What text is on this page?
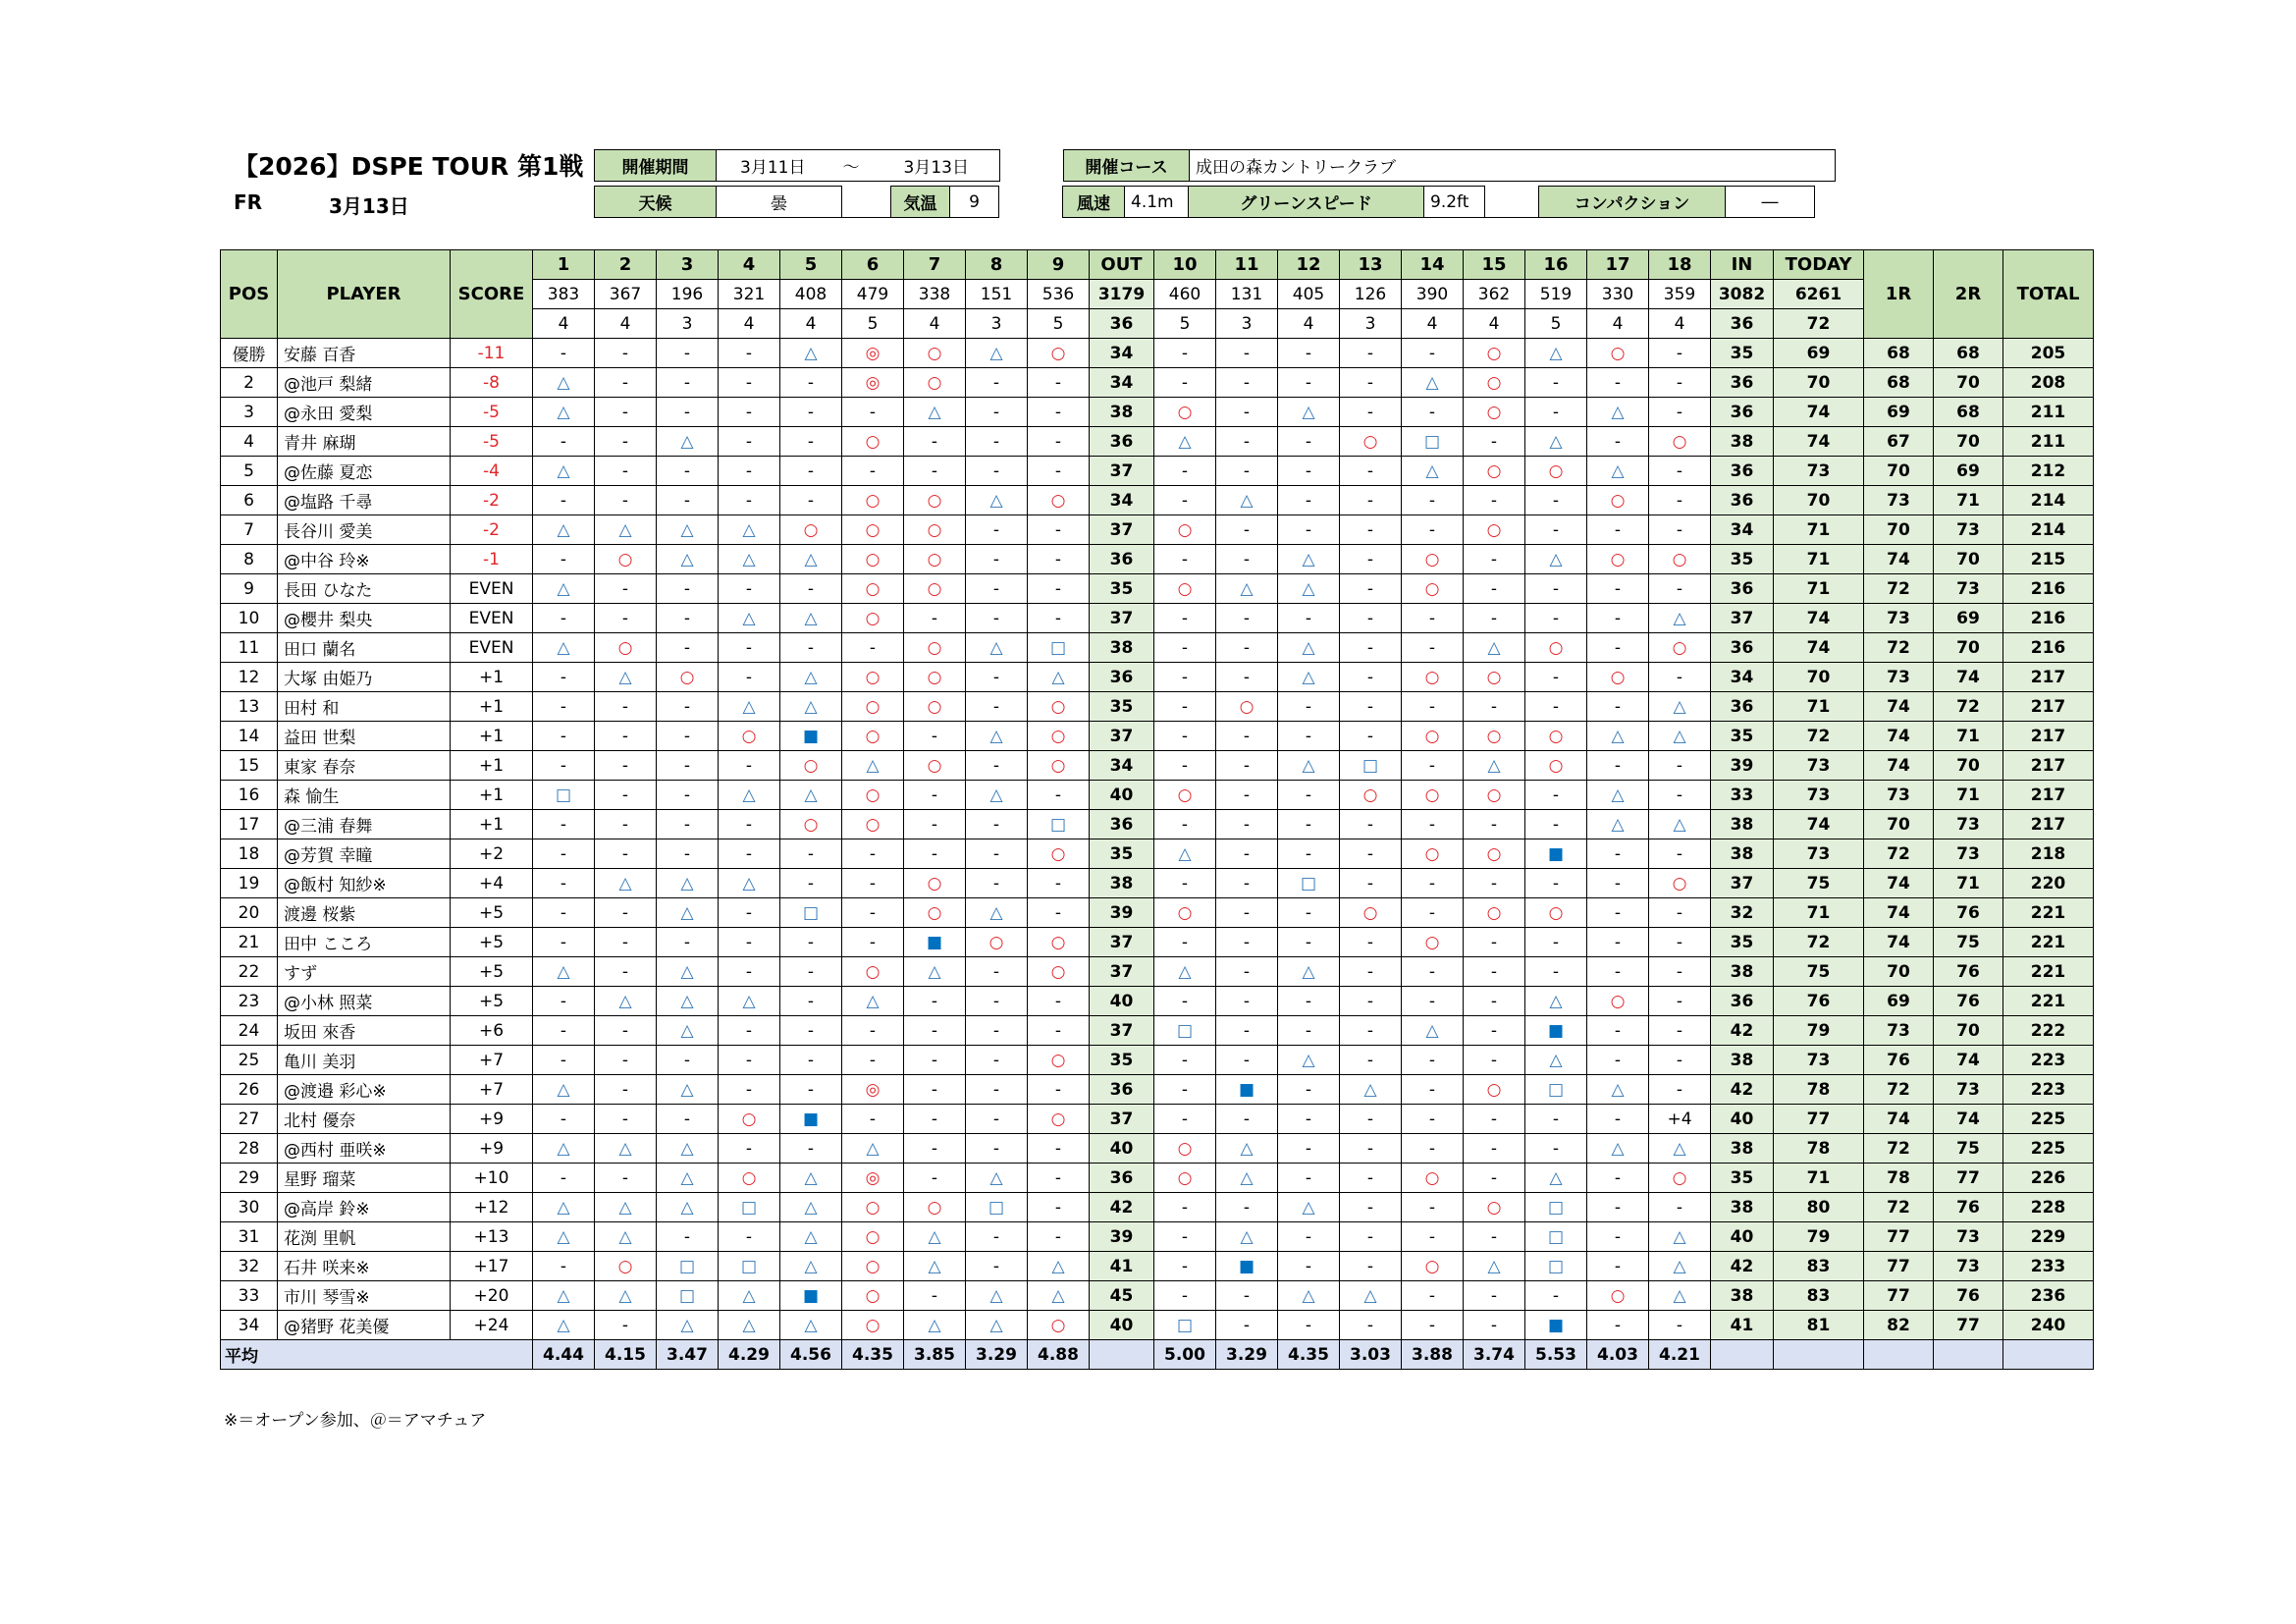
【2026】DSPE TOUR 第1戦
FR	3月13日
開催期間	3月11日	～	3月13日		開催コース	成田の森カントリークラブ
天候	曇		気温	9		風速	4.1m	グリーンスピード	9.2ft		コンパクション	―
POS	PLAYER	SCORE	1	2	3	4	5	6	7	8	9	OUT	10	11	12	13	14	15	16	17	18	IN	TODAY	1R	2R	TOTAL
			383	367	196	321	408	479	338	151	536	3179	460	131	405	126	390	362	519	330	359	3082	6261			
			4	4	3	4	4	5	4	3	5	36	5	3	4	3	4	4	5	4	4	36	72			
優勝	安藤 百香	-11	-	-	-	-	△	◎	○	△	○	34	-	-	-	-	-	○	△	○	-	35	69	68	68	205
2	@池戸 梨緒	-8	△	-	-	-	-	◎	○	-	-	34	-	-	-	-	△	○	-	-	-	36	70	68	70	208
3	@永田 愛梨	-5	△	-	-	-	-	-	△	-	-	38	○	-	△	-	-	○	-	△	-	36	74	69	68	211
4	青井 麻瑚	-5	-	-	△	-	-	○	-	-	-	36	△	-	-	○	□	-	△	-	○	38	74	67	70	211
5	@佐藤 夏恋	-4	△	-	-	-	-	-	-	-	-	37	-	-	-	-	△	○	○	△	-	36	73	70	69	212
6	@塩路 千尋	-2	-	-	-	-	-	○	○	△	○	34	-	△	-	-	-	-	-	○	-	36	70	73	71	214
7	長谷川 愛美	-2	△	△	△	△	○	○	○	-	-	37	○	-	-	-	-	○	-	-	-	34	71	70	73	214
8	@中谷 玲※	-1	-	○	△	△	△	○	○	-	-	36	-	-	△	-	○	-	△	○	○	35	71	74	70	215
9	長田 ひなた	EVEN	△	-	-	-	-	○	○	-	-	35	○	△	△	-	○	-	-	-	-	36	71	72	73	216
10	@櫻井 梨央	EVEN	-	-	-	△	△	○	-	-	-	37	-	-	-	-	-	-	-	-	△	37	74	73	69	216
11	田口 蘭名	EVEN	△	○	-	-	-	-	○	△	□	38	-	-	△	-	-	△	○	-	○	36	74	72	70	216
12	大塚 由姫乃	+1	-	△	○	-	△	○	○	-	△	36	-	-	△	-	○	○	-	○	-	34	70	73	74	217
13	田村 和	+1	-	-	-	△	△	○	○	-	○	35	-	○	-	-	-	-	-	-	△	36	71	74	72	217
14	益田 世梨	+1	-	-	-	○	■	○	-	△	○	37	-	-	-	-	○	○	○	△	△	35	72	74	71	217
15	東家 春奈	+1	-	-	-	-	○	△	○	-	○	34	-	-	△	□	-	△	○	-	-	39	73	74	70	217
16	森 愉生	+1	□	-	-	△	△	○	-	△	-	40	○	-	-	○	○	○	-	△	-	33	73	73	71	217
17	@三浦 春舞	+1	-	-	-	-	○	○	-	-	□	36	-	-	-	-	-	-	-	△	△	38	74	70	73	217
18	@芳賀 幸瞳	+2	-	-	-	-	-	-	-	-	○	35	△	-	-	-	○	○	■	-	-	38	73	72	73	218
19	@飯村 知紗※	+4	-	△	△	△	-	-	○	-	-	38	-	-	□	-	-	-	-	-	○	37	75	74	71	220
20	渡邊 桜紫	+5	-	-	△	-	□	-	○	△	-	39	○	-	-	○	-	○	○	-	-	32	71	74	76	221
21	田中 こころ	+5	-	-	-	-	-	-	■	○	○	37	-	-	-	-	○	-	-	-	-	35	72	74	75	221
22	すず	+5	△	-	△	-	-	○	△	-	○	37	△	-	△	-	-	-	-	-	-	38	75	70	76	221
23	@小林 照菜	+5	-	△	△	△	-	△	-	-	-	40	-	-	-	-	-	-	△	○	-	36	76	69	76	221
24	坂田 來香	+6	-	-	△	-	-	-	-	-	-	37	□	-	-	-	△	-	■	-	-	42	79	73	70	222
25	亀川 美羽	+7	-	-	-	-	-	-	-	-	○	35	-	-	△	-	-	-	△	-	-	38	73	76	74	223
26	@渡邉 彩心※	+7	△	-	△	-	-	◎	-	-	-	36	-	■	-	△	-	○	□	△	-	42	78	72	73	223
27	北村 優奈	+9	-	-	-	○	■	-	-	-	○	37	-	-	-	-	-	-	-	-	+4	40	77	74	74	225
28	@西村 亜咲※	+9	△	△	△	-	-	△	-	-	-	40	○	△	-	-	-	-	-	△	△	38	78	72	75	225
29	星野 瑠菜	+10	-	-	△	○	△	◎	-	△	-	36	○	△	-	-	○	-	△	-	○	35	71	78	77	226
30	@高岸 鈴※	+12	△	△	△	□	△	○	○	□	-	42	-	-	△	-	-	○	□	-	-	38	80	72	76	228
31	花渕 里帆	+13	△	△	-	-	△	○	△	-	-	39	-	△	-	-	-	-	□	-	△	40	79	77	73	229
32	石井 咲来※	+17	-	○	□	□	△	○	△	-	△	41	-	■	-	-	○	△	□	-	△	42	83	77	73	233
33	市川 琴雪※	+20	△	△	□	△	■	○	-	△	△	45	-	-	△	△	-	-	-	○	△	38	83	77	76	236
34	@猪野 花美優	+24	△	-	△	△	△	○	△	△	○	40	□	-	-	-	-	-	■	-	-	41	81	82	77	240
平均			4.44	4.15	3.47	4.29	4.56	4.35	3.85	3.29	4.88		5.00	3.29	4.35	3.03	3.88	3.74	5.53	4.03	4.21					
※＝オープン参加、＠＝アマチュア
